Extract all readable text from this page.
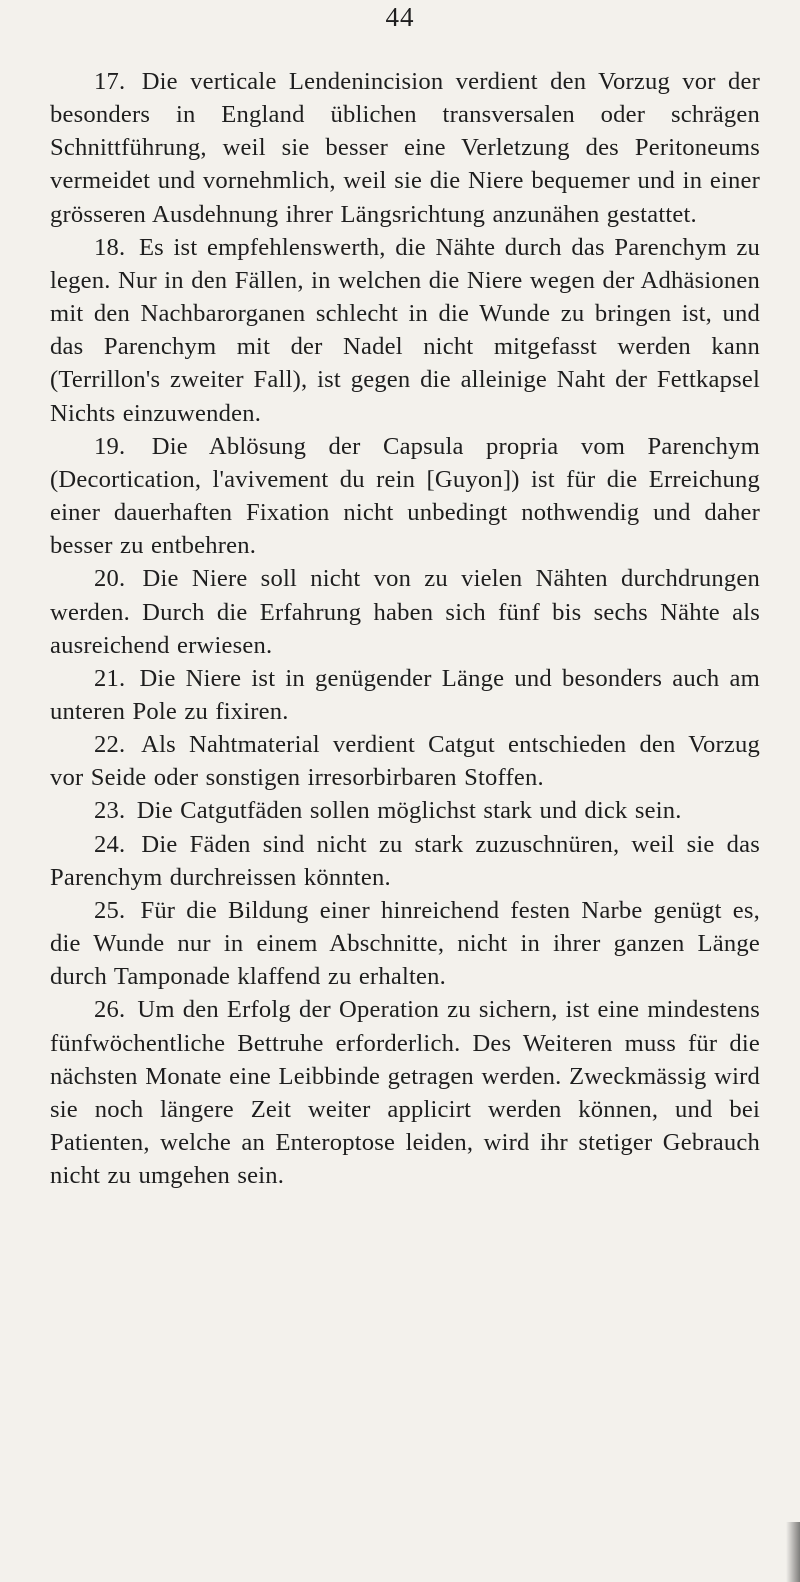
44

17. Die verticale Lendenincision verdient den Vorzug vor der besonders in England üblichen transversalen oder schrägen Schnittführung, weil sie besser eine Verletzung des Peritoneums vermeidet und vornehmlich, weil sie die Niere bequemer und in einer grösseren Ausdehnung ihrer Längsrichtung anzunähen gestattet.

18. Es ist empfehlenswerth, die Nähte durch das Parenchym zu legen. Nur in den Fällen, in welchen die Niere wegen der Adhäsionen mit den Nachbarorganen schlecht in die Wunde zu bringen ist, und das Parenchym mit der Nadel nicht mitgefasst werden kann (Terrillon's zweiter Fall), ist gegen die alleinige Naht der Fettkapsel Nichts einzuwenden.

19. Die Ablösung der Capsula propria vom Parenchym (Decortication, l'avivement du rein [Guyon]) ist für die Erreichung einer dauerhaften Fixation nicht unbedingt nothwendig und daher besser zu entbehren.

20. Die Niere soll nicht von zu vielen Nähten durchdrungen werden. Durch die Erfahrung haben sich fünf bis sechs Nähte als ausreichend erwiesen.

21. Die Niere ist in genügender Länge und besonders auch am unteren Pole zu fixiren.

22. Als Nahtmaterial verdient Catgut entschieden den Vorzug vor Seide oder sonstigen irresorbirbaren Stoffen.

23. Die Catgutfäden sollen möglichst stark und dick sein.

24. Die Fäden sind nicht zu stark zuzuschnüren, weil sie das Parenchym durchreissen könnten.

25. Für die Bildung einer hinreichend festen Narbe genügt es, die Wunde nur in einem Abschnitte, nicht in ihrer ganzen Länge durch Tamponade klaffend zu erhalten.

26. Um den Erfolg der Operation zu sichern, ist eine mindestens fünfwöchentliche Bettruhe erforderlich. Des Weiteren muss für die nächsten Monate eine Leibbinde getragen werden. Zweckmässig wird sie noch längere Zeit weiter applicirt werden können, und bei Patienten, welche an Enteroptose leiden, wird ihr stetiger Gebrauch nicht zu umgehen sein.
